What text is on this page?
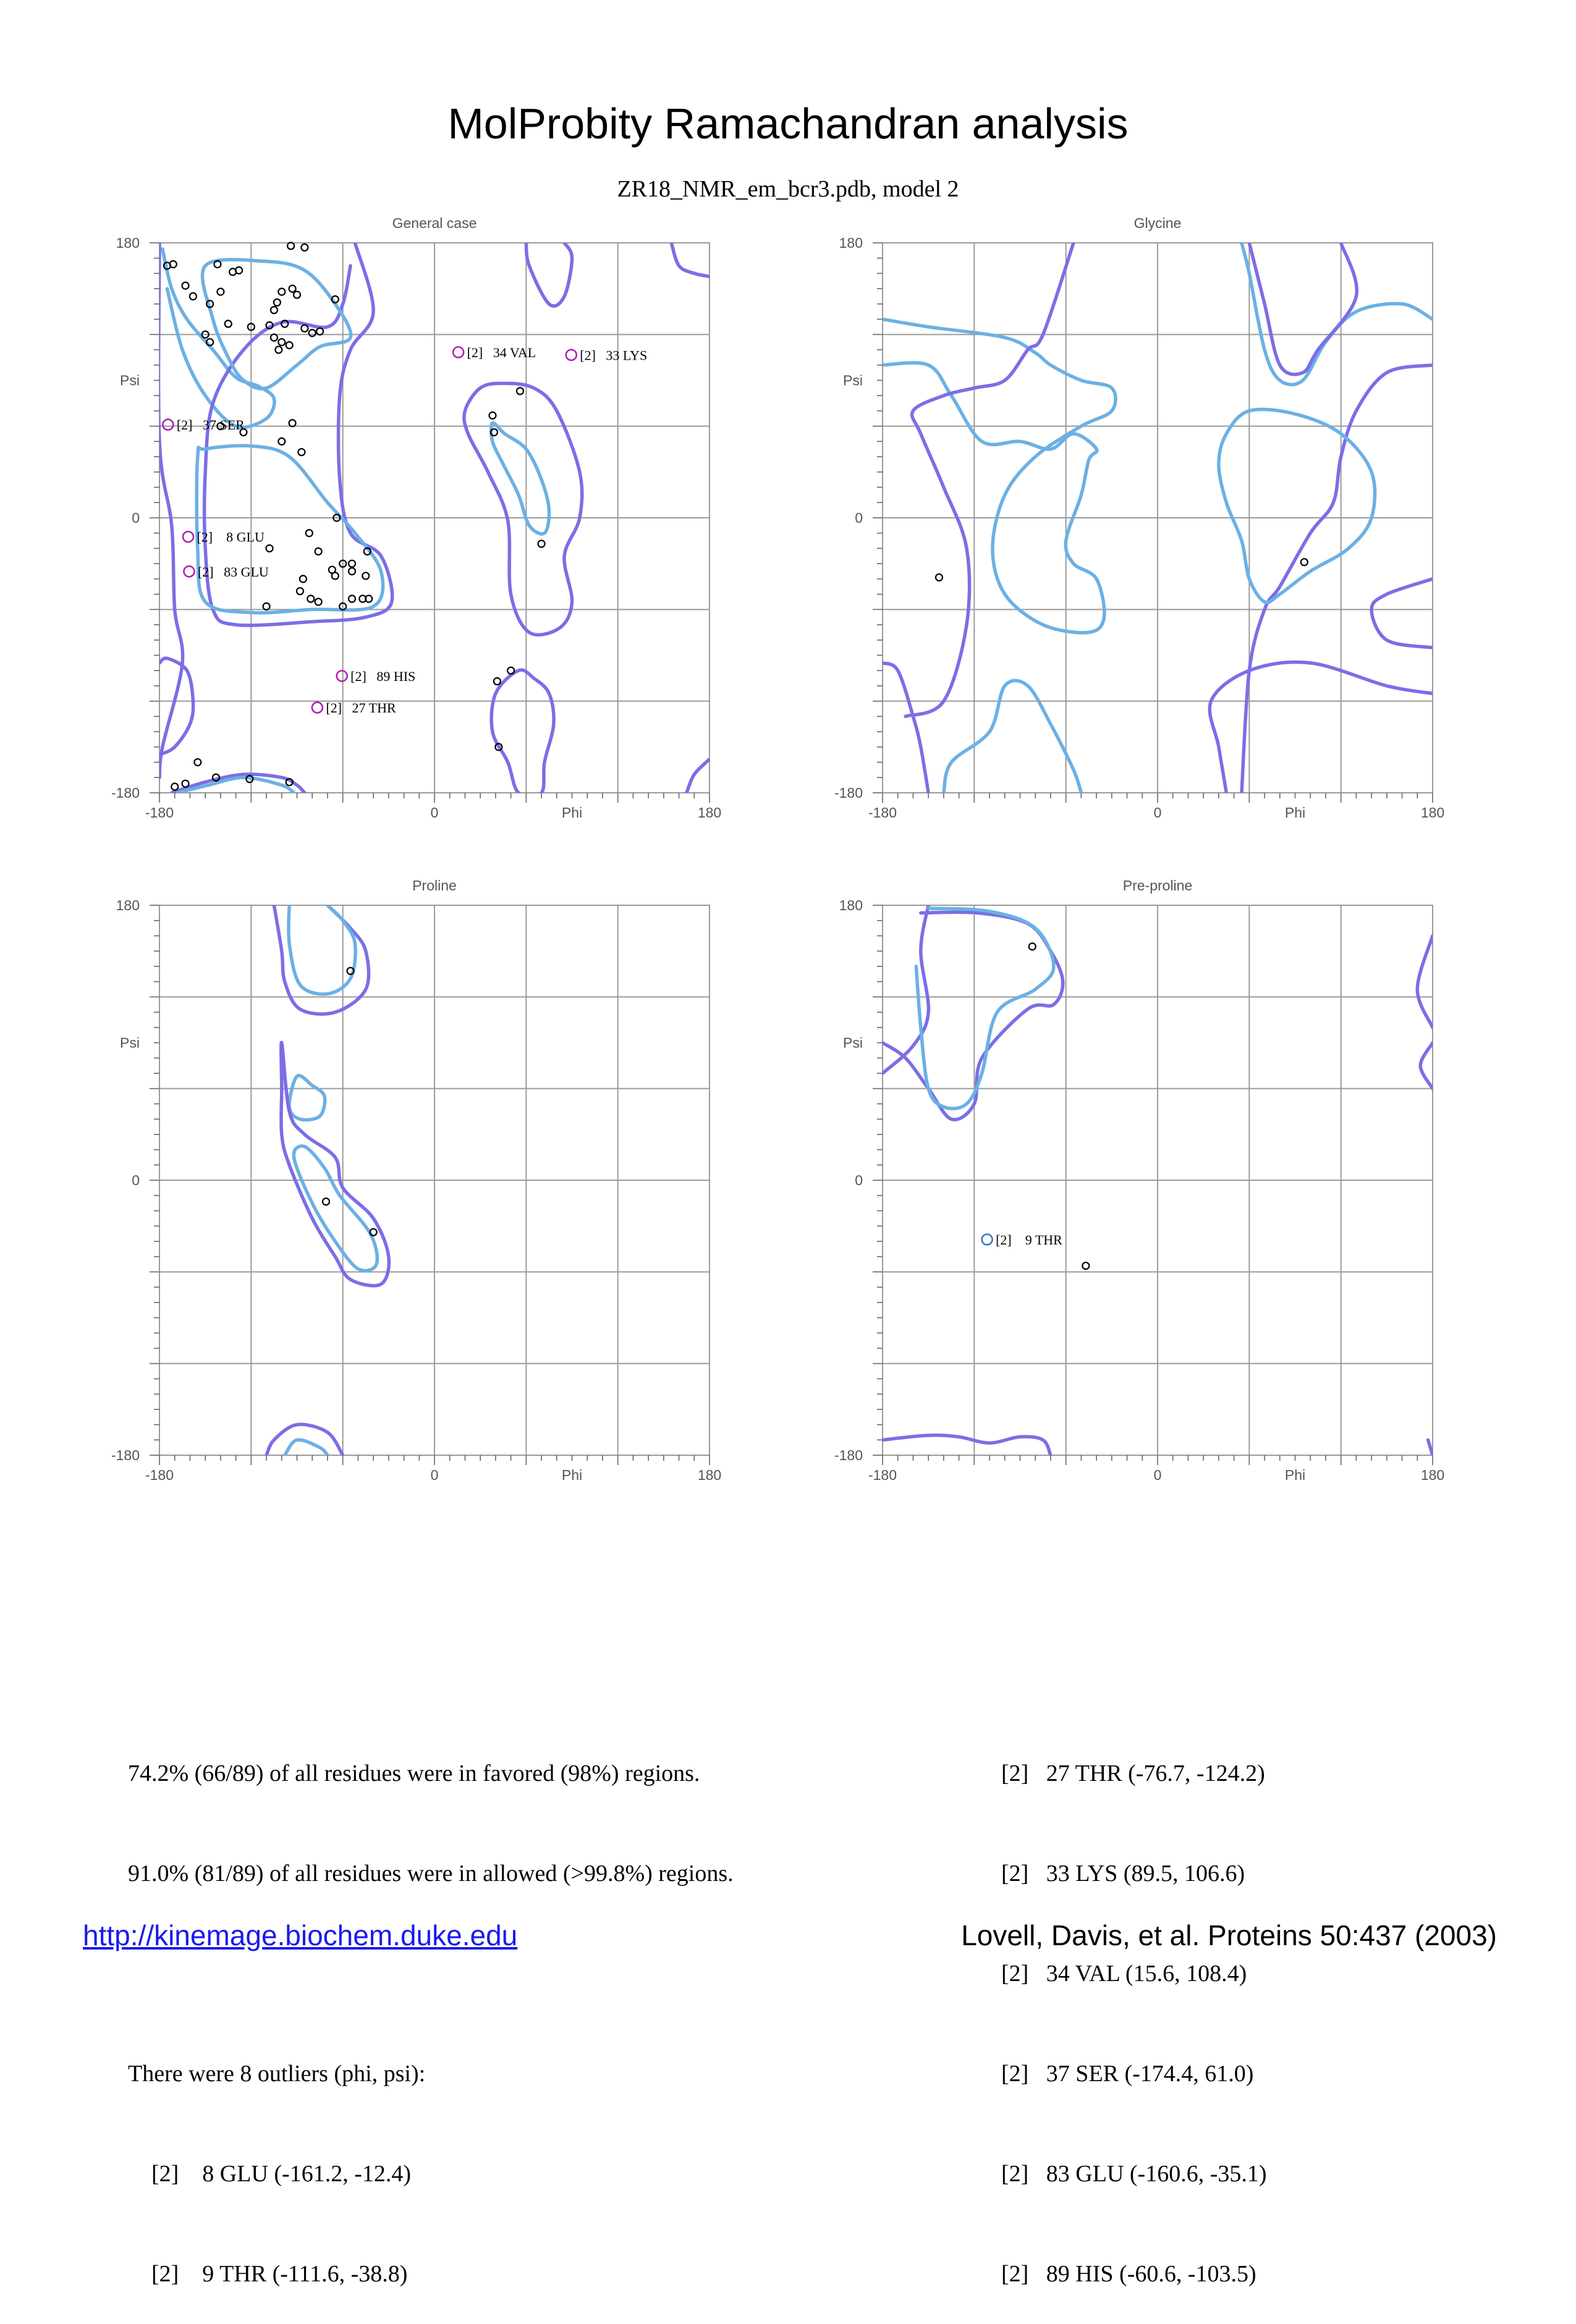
MolProbity Ramachandran analysis
ZR18_NMR_em_bcr3.pdb, model 2
General case
-180	0	Phi	180
180
Psi
0
-180
[2]   34 VAL	[2]   33 LYS
[2]   37 SER
[2]    8 GLU
[2]   83 GLU
[2]   89 HIS
[2]   27 THR
Glycine
-180	0	Phi	180
180
Psi
0
-180
Proline
-180	0	Phi	180
180
Psi
0
-180
Pre-proline
-180	0	Phi	180
180
Psi
0
-180
[2]    9 THR

74.2% (66/89) of all residues were in favored (98%) regions.

91.0% (81/89) of all residues were in allowed (>99.8%) regions.

There were 8 outliers (phi, psi):

[2]    8 GLU (-161.2, -12.4)

[2]    9 THR (-111.6, -38.8)

[2]   27 THR (-76.7, -124.2)

[2]   33 LYS (89.5, 106.6)

[2]   34 VAL (15.6, 108.4)

[2]   37 SER (-174.4, 61.0)

[2]   83 GLU (-160.6, -35.1)

[2]   89 HIS (-60.6, -103.5)

http://kinemage.biochem.duke.edu	Lovell, Davis, et al. Proteins 50:437 (2003)
